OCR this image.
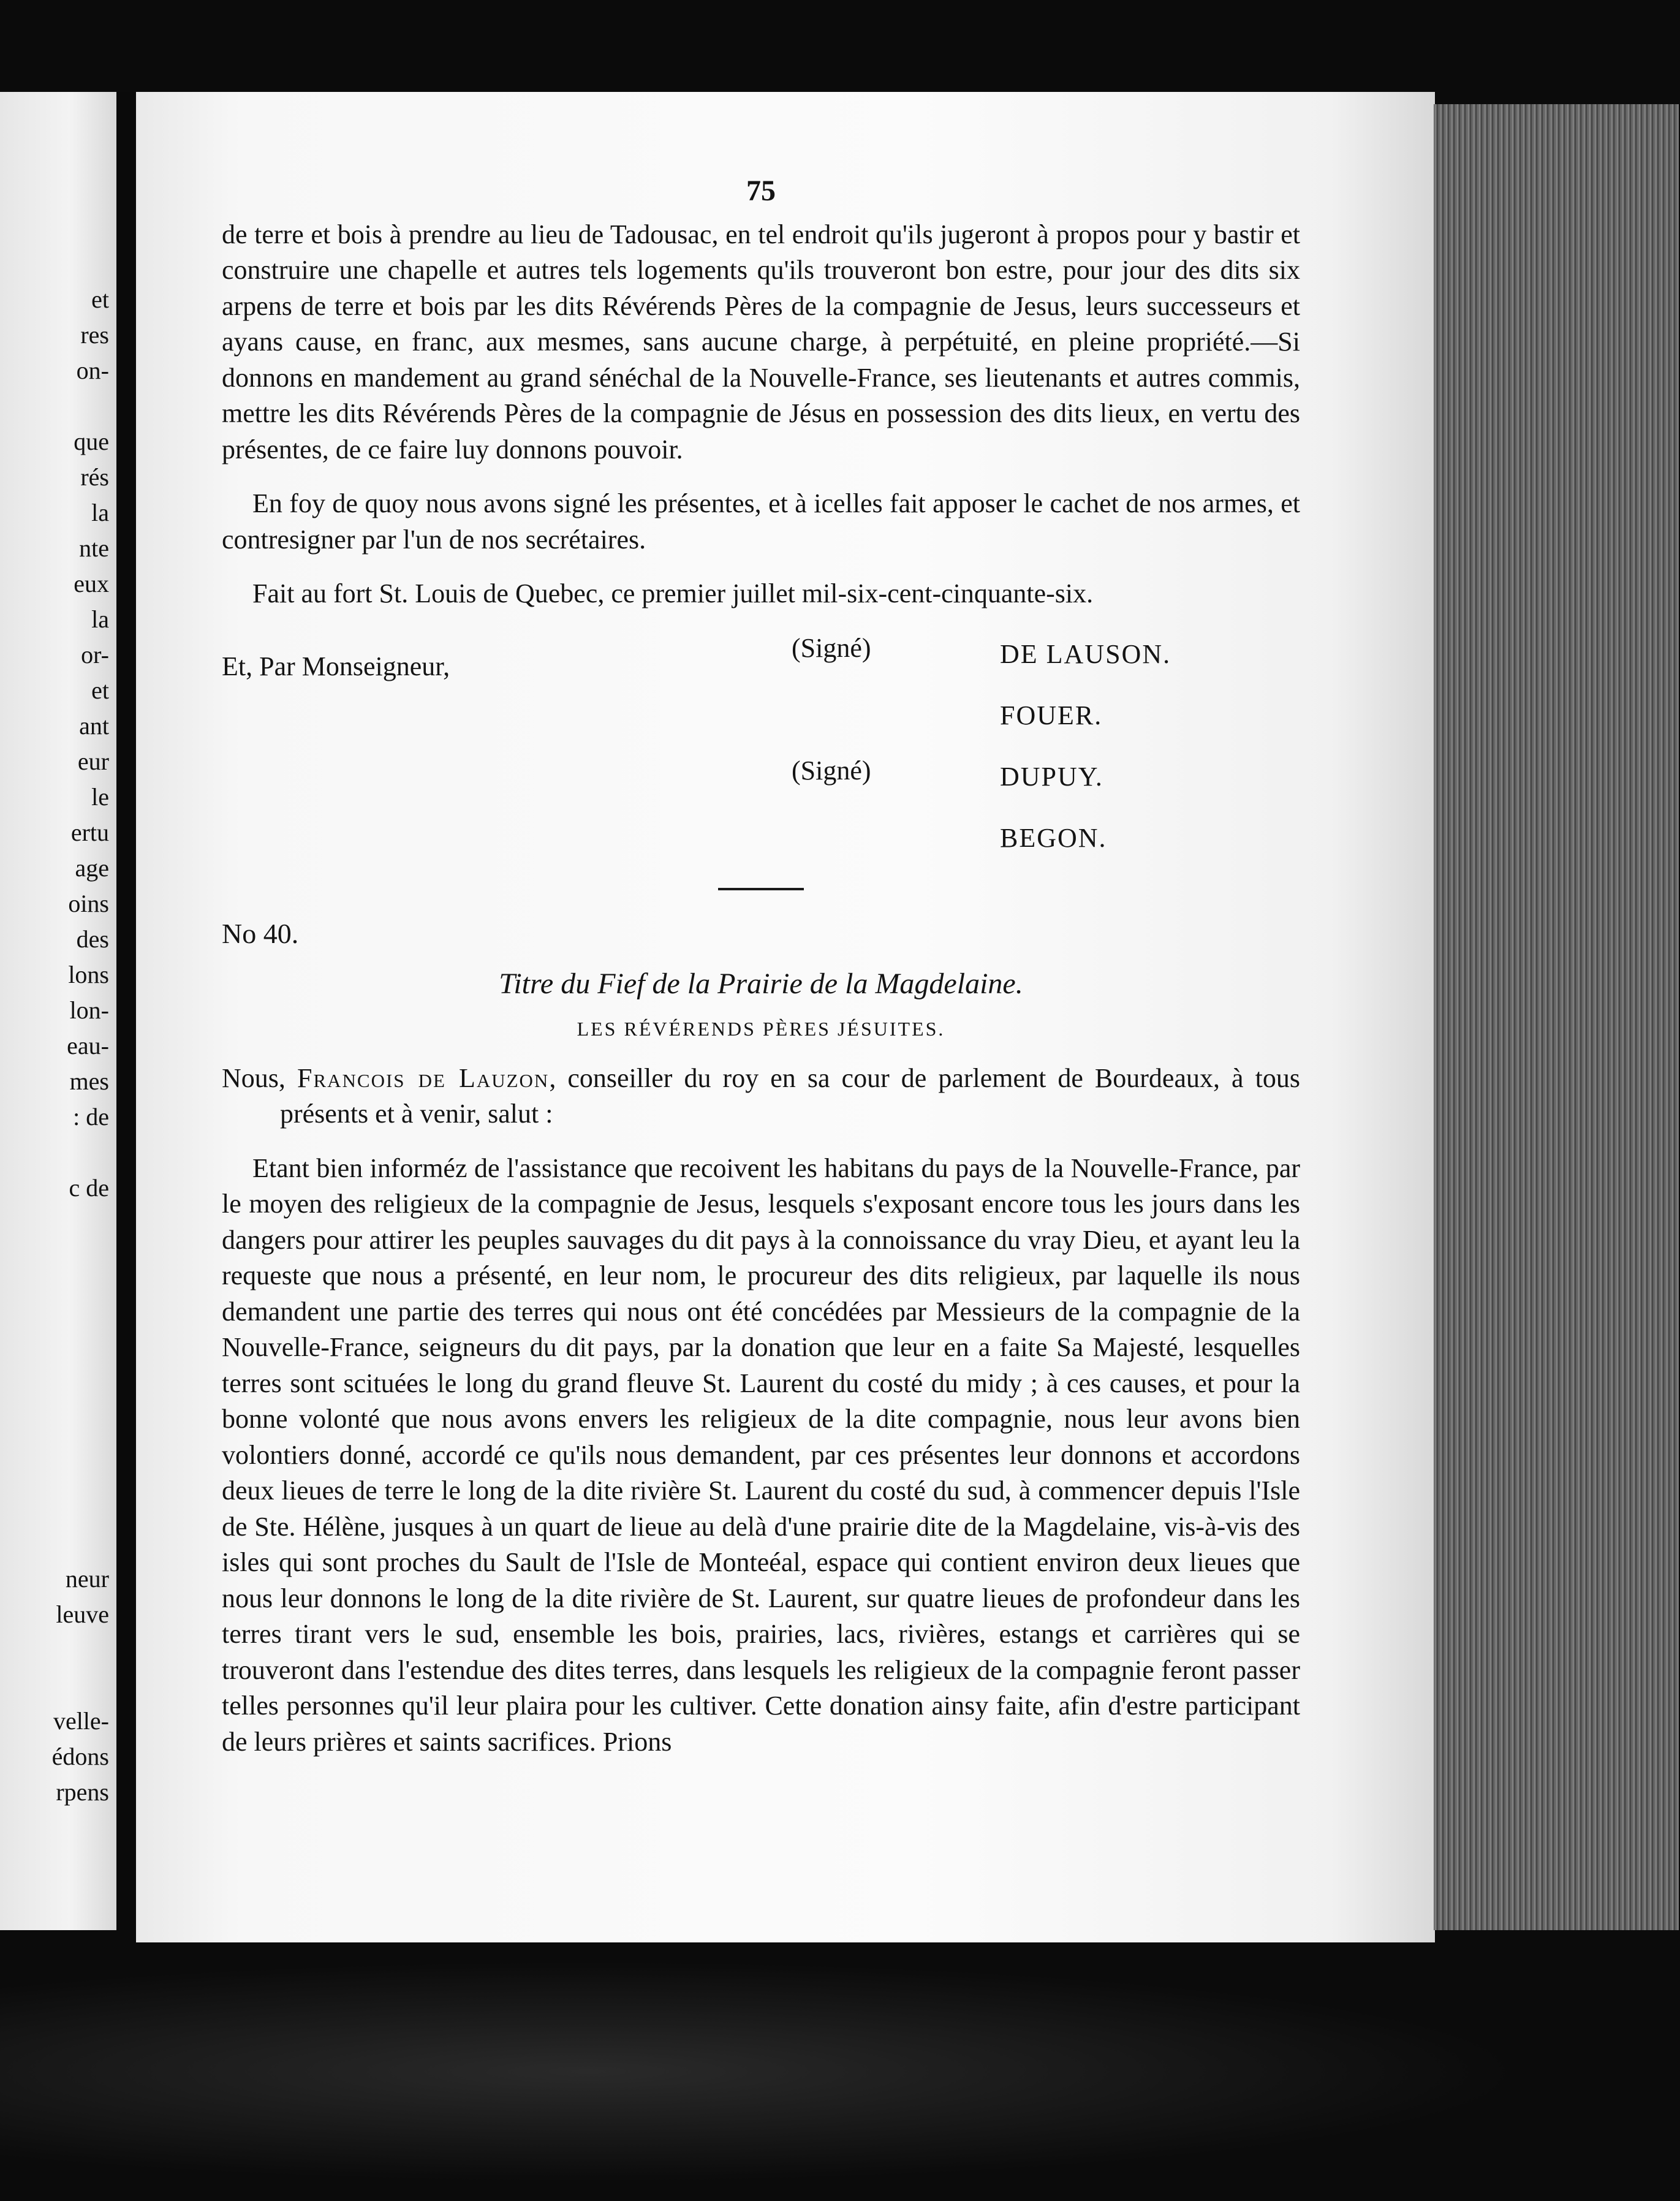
et
res
on-
que
rés
la
nte
eux
la
or-
et
ant
eur
le
ertu
age
oins
des
lons
lon-
eau-
mes
: de
c de
neur
leuve
velle-
édons
rpens
75

de terre et bois à prendre au lieu de Tadousac, en tel endroit qu'ils jugeront à propos pour y bastir et construire une chapelle et autres tels logements qu'ils trouveront bon estre, pour jour des dits six arpens de terre et bois par les dits Révérends Pères de la compagnie de Jesus, leurs successeurs et ayans cause, en franc, aux mesmes, sans aucune charge, à perpétuité, en pleine propriété.—Si donnons en mandement au grand sénéchal de la Nouvelle-France, ses lieutenants et autres commis, mettre les dits Révérends Pères de la compagnie de Jésus en possession des dits lieux, en vertu des présentes, de ce faire luy donnons pouvoir.

En foy de quoy nous avons signé les présentes, et à icelles fait apposer le cachet de nos armes, et contresigner par l'un de nos secrétaires.

Fait au fort St. Louis de Quebec, ce premier juillet mil-six-cent-cinquante-six.

Et, Par Monseigneur,
(Signé)
(Signé)
DE LAUSON.
FOUER.
DUPUY.
BEGON.
No 40.
Titre du Fief de la Prairie de la Magdelaine.
LES RÉVÉRENDS PÈRES JÉSUITES.

Nous, Francois de Lauzon, conseiller du roy en sa cour de parlement de Bourdeaux, à tous présents et à venir, salut :

Etant bien informéz de l'assistance que recoivent les habitans du pays de la Nouvelle-France, par le moyen des religieux de la compagnie de Jesus, lesquels s'exposant encore tous les jours dans les dangers pour attirer les peuples sauvages du dit pays à la connoissance du vray Dieu, et ayant leu la requeste que nous a présenté, en leur nom, le procureur des dits religieux, par laquelle ils nous demandent une partie des terres qui nous ont été concédées par Messieurs de la compagnie de la Nouvelle-France, seigneurs du dit pays, par la donation que leur en a faite Sa Majesté, lesquelles terres sont scituées le long du grand fleuve St. Laurent du costé du midy ; à ces causes, et pour la bonne volonté que nous avons envers les religieux de la dite compagnie, nous leur avons bien volontiers donné, accordé ce qu'ils nous demandent, par ces présentes leur donnons et accordons deux lieues de terre le long de la dite rivière St. Laurent du costé du sud, à commencer depuis l'Isle de Ste. Hélène, jusques à un quart de lieue au delà d'une prairie dite de la Magdelaine, vis-à-vis des isles qui sont proches du Sault de l'Isle de Monteéal, espace qui contient environ deux lieues que nous leur donnons le long de la dite rivière de St. Laurent, sur quatre lieues de profondeur dans les terres tirant vers le sud, ensemble les bois, prairies, lacs, rivières, estangs et carrières qui se trouveront dans l'estendue des dites terres, dans lesquels les religieux de la compagnie feront passer telles personnes qu'il leur plaira pour les cultiver. Cette donation ainsy faite, afin d'estre participant de leurs prières et saints sacrifices. Prions
